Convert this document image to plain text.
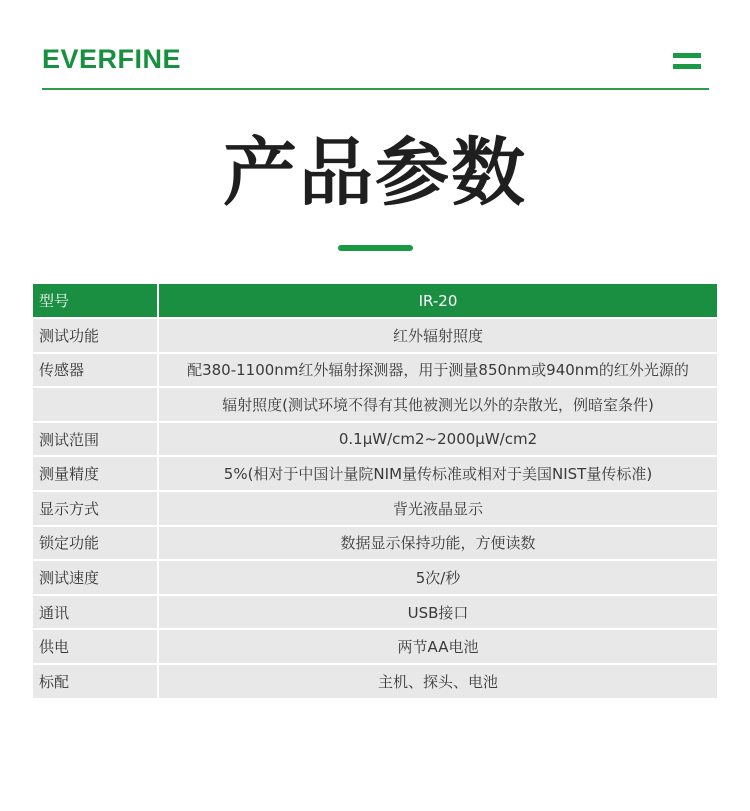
EVERFINE
产品参数
型号	IR-20
测试功能	红外辐射照度
传感器	配380-1100nm红外辐射探测器，用于测量850nm或940nm的红外光源的
	辐射照度(测试环境不得有其他被测光以外的杂散光，例暗室条件)
测试范围	0.1μW/cm2~2000μW/cm2
测量精度	5%(相对于中国计量院NIM量传标准或相对于美国NIST量传标准)
显示方式	背光液晶显示
锁定功能	数据显示保持功能，方便读数
测试速度	5次/秒
通讯	USB接口
供电	两节AA电池
标配	主机、探头、电池
